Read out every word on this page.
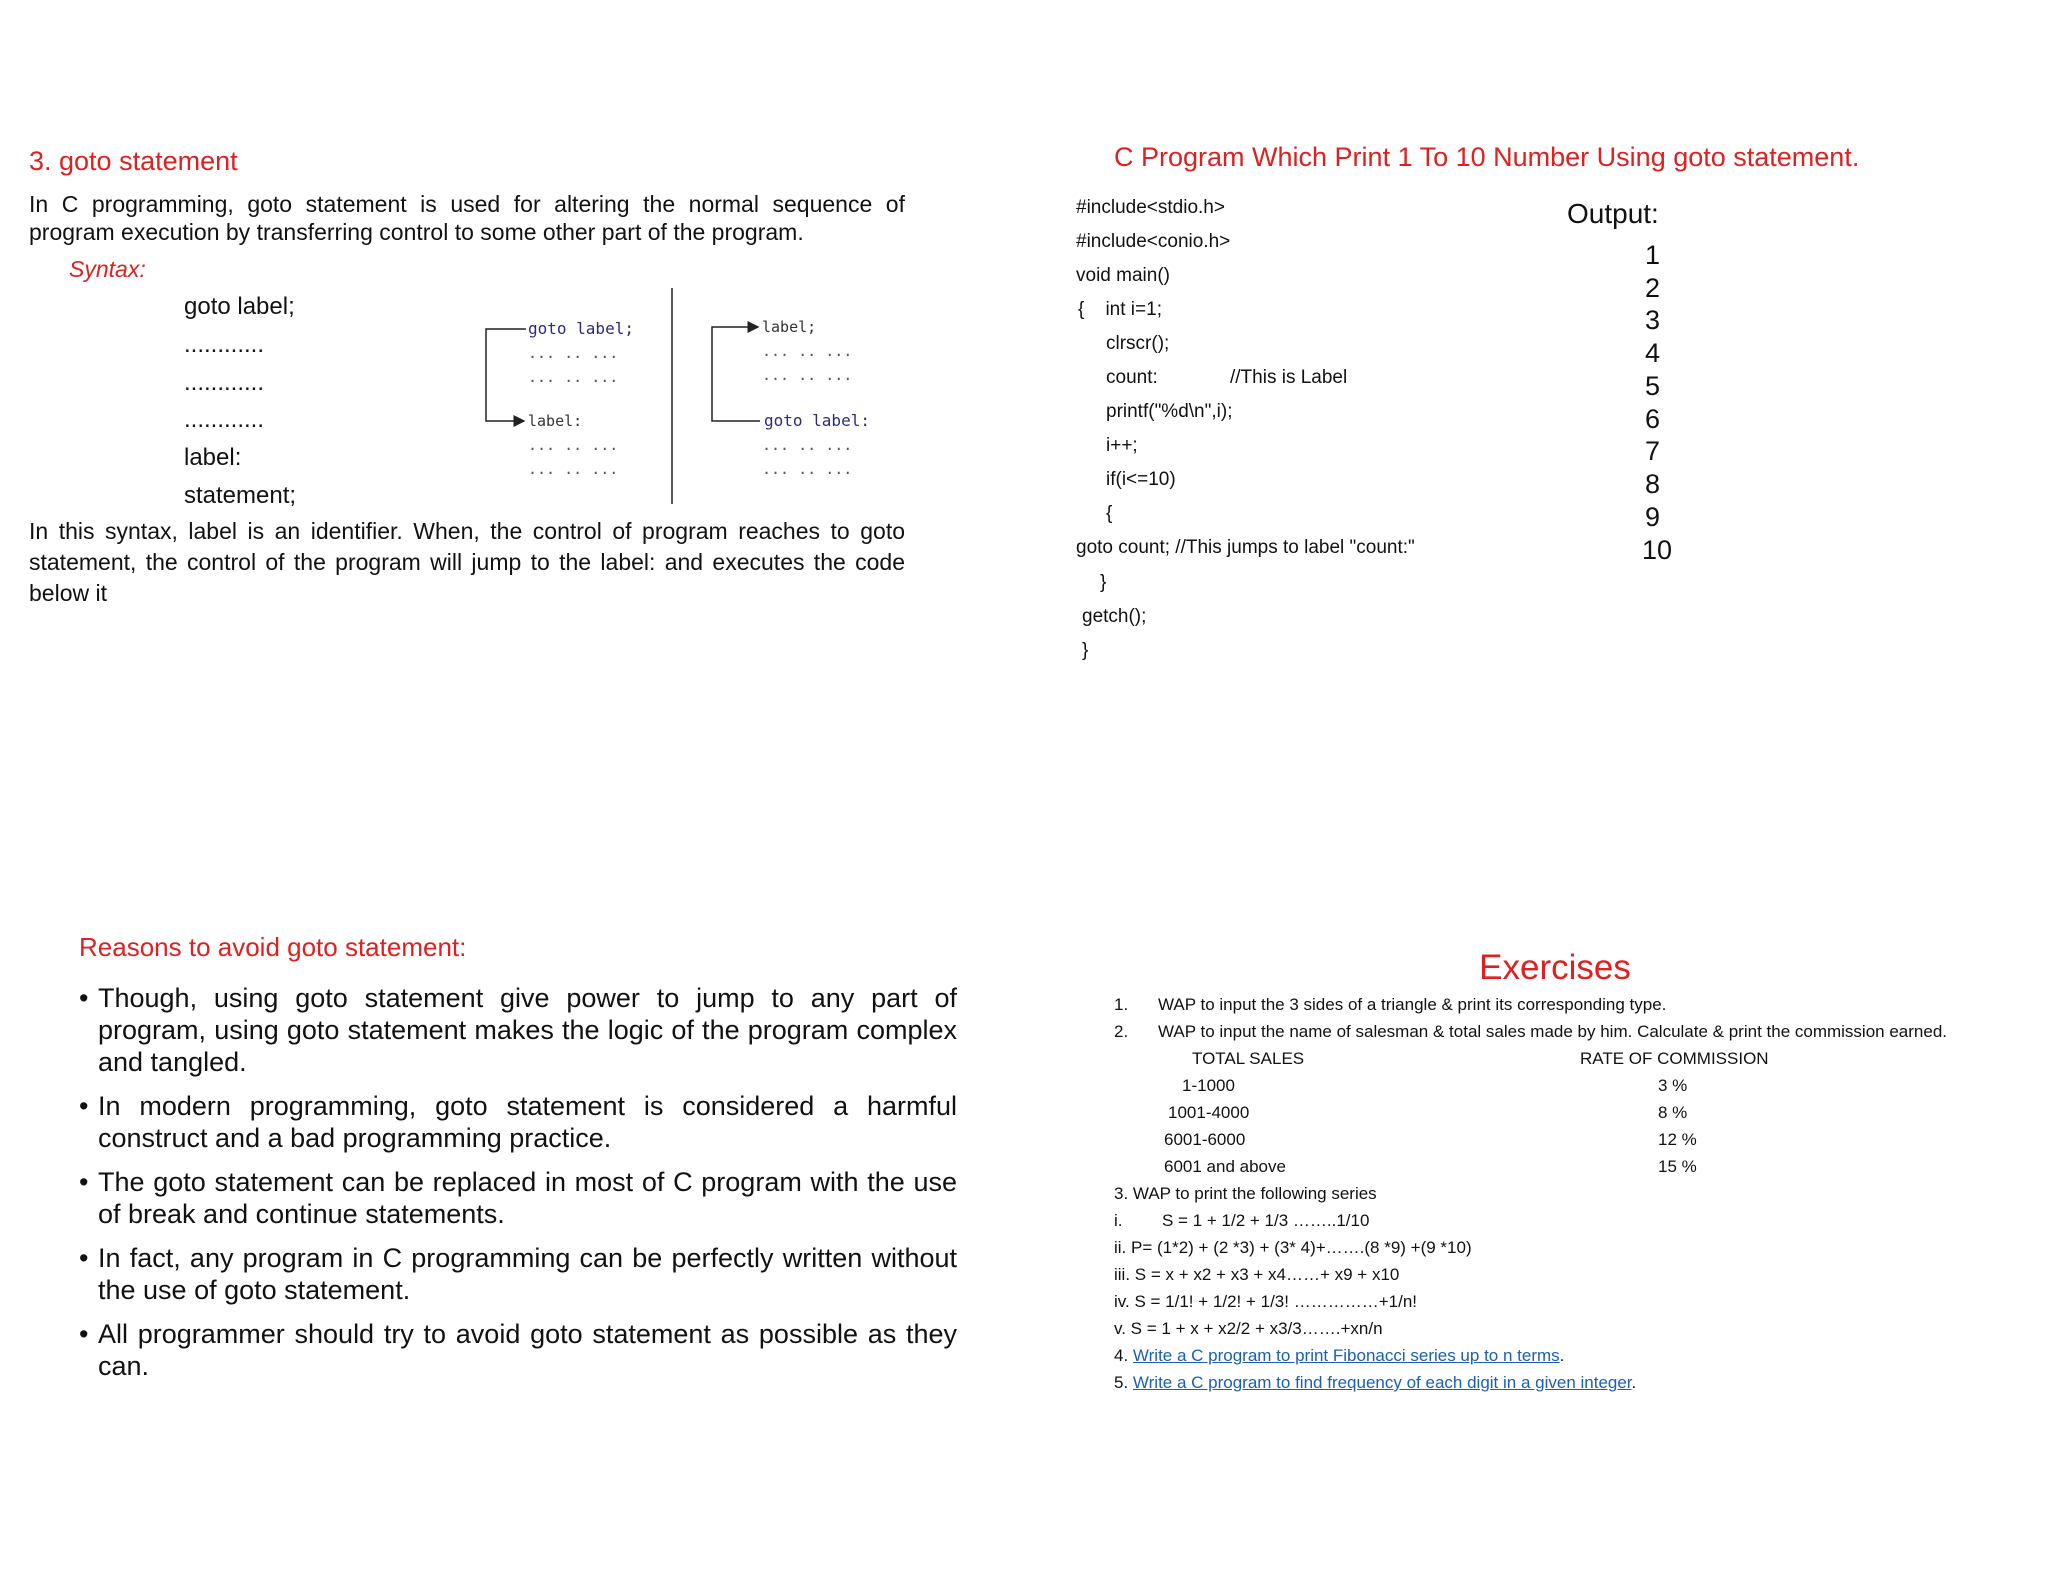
3. goto statement
In C programming, goto statement is used for altering the normal sequence of program execution by transferring control to some other part of the program.
Syntax:
goto label;
............
............
............
label:
statement;
goto label;
... .. ...
... .. ...
label:
... .. ...
... .. ...
label;
... .. ...
... .. ...
goto label:
... .. ...
... .. ...
In this syntax, label is an identifier. When, the control of program reaches to goto statement, the control of the program will jump to the label: and executes the code below it
C Program Which Print 1 To 10 Number Using goto statement.
#include<stdio.h>
#include<conio.h>
void main()
{    int i=1;
clrscr();
count:	//This is Label
printf("%d\n",i);
i++;
if(i<=10)
{
goto count; //This jumps to label "count:"
}
getch();
}
Output:
1
2
3
4
5
6
7
8
9
10
Reasons to avoid goto statement:
• Though, using goto statement give power to jump to any part of program, using goto statement makes the logic of the program complex and tangled.
• In modern programming, goto statement is considered a harmful construct and a bad programming practice.
• The goto statement can be replaced in most of C program with the use of break and continue statements.
• In fact, any program in C programming can be perfectly written without the use of goto statement.
• All programmer should try to avoid goto statement as possible as they can.
Exercises
1. WAP to input the 3 sides of a triangle & print its corresponding type.
2. WAP to input the name of salesman & total sales made by him. Calculate & print the commission earned.
TOTAL SALES	RATE OF COMMISSION
1-1000	3 %
1001-4000	8 %
6001-6000	12 %
6001 and above	15 %
3. WAP to print the following series
i. S = 1 + 1/2 + 1/3 ……..1/10
ii. P= (1*2) + (2 *3) + (3* 4)+…….(8 *9) +(9 *10)
iii. S = x + x2 + x3 + x4……+ x9 + x10
iv. S = 1/1! + 1/2! + 1/3! ……………+1/n!
v. S = 1 + x + x2/2 + x3/3…….+xn/n
4. Write a C program to print Fibonacci series up to n terms.
5. Write a C program to find frequency of each digit in a given integer.
